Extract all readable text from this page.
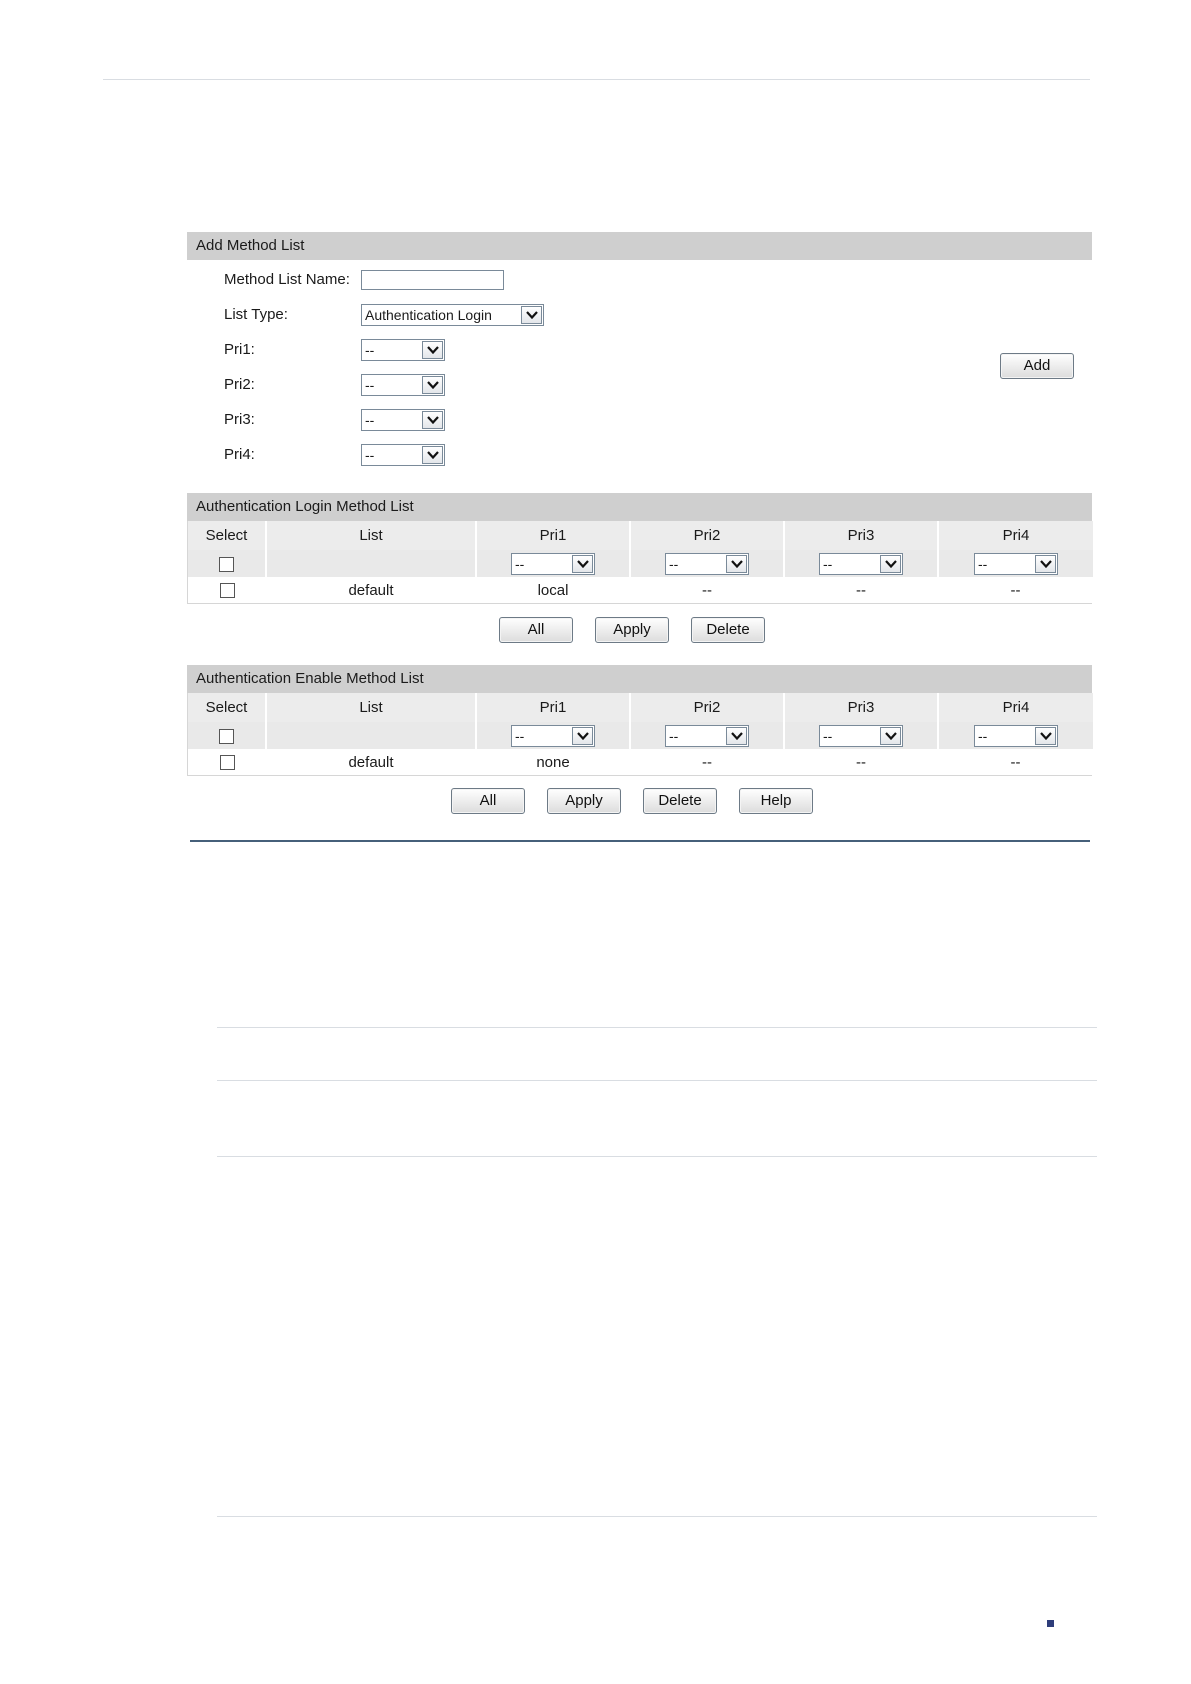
Add Method List
Method List Name:
List Type:	Authentication Login
Pri1:	--
Pri2:	--
Pri3:	--
Pri4:	--
Add
Authentication Login Method List
Select	List	Pri1	Pri2	Pri3	Pri4
		--	--	--	--

	default	local	--	--	--
All	Apply	Delete
Authentication Enable Method List
Select	List	Pri1	Pri2	Pri3	Pri4
		--	--	--	--

	default	none	--	--	--
All	Apply	Delete	Help
